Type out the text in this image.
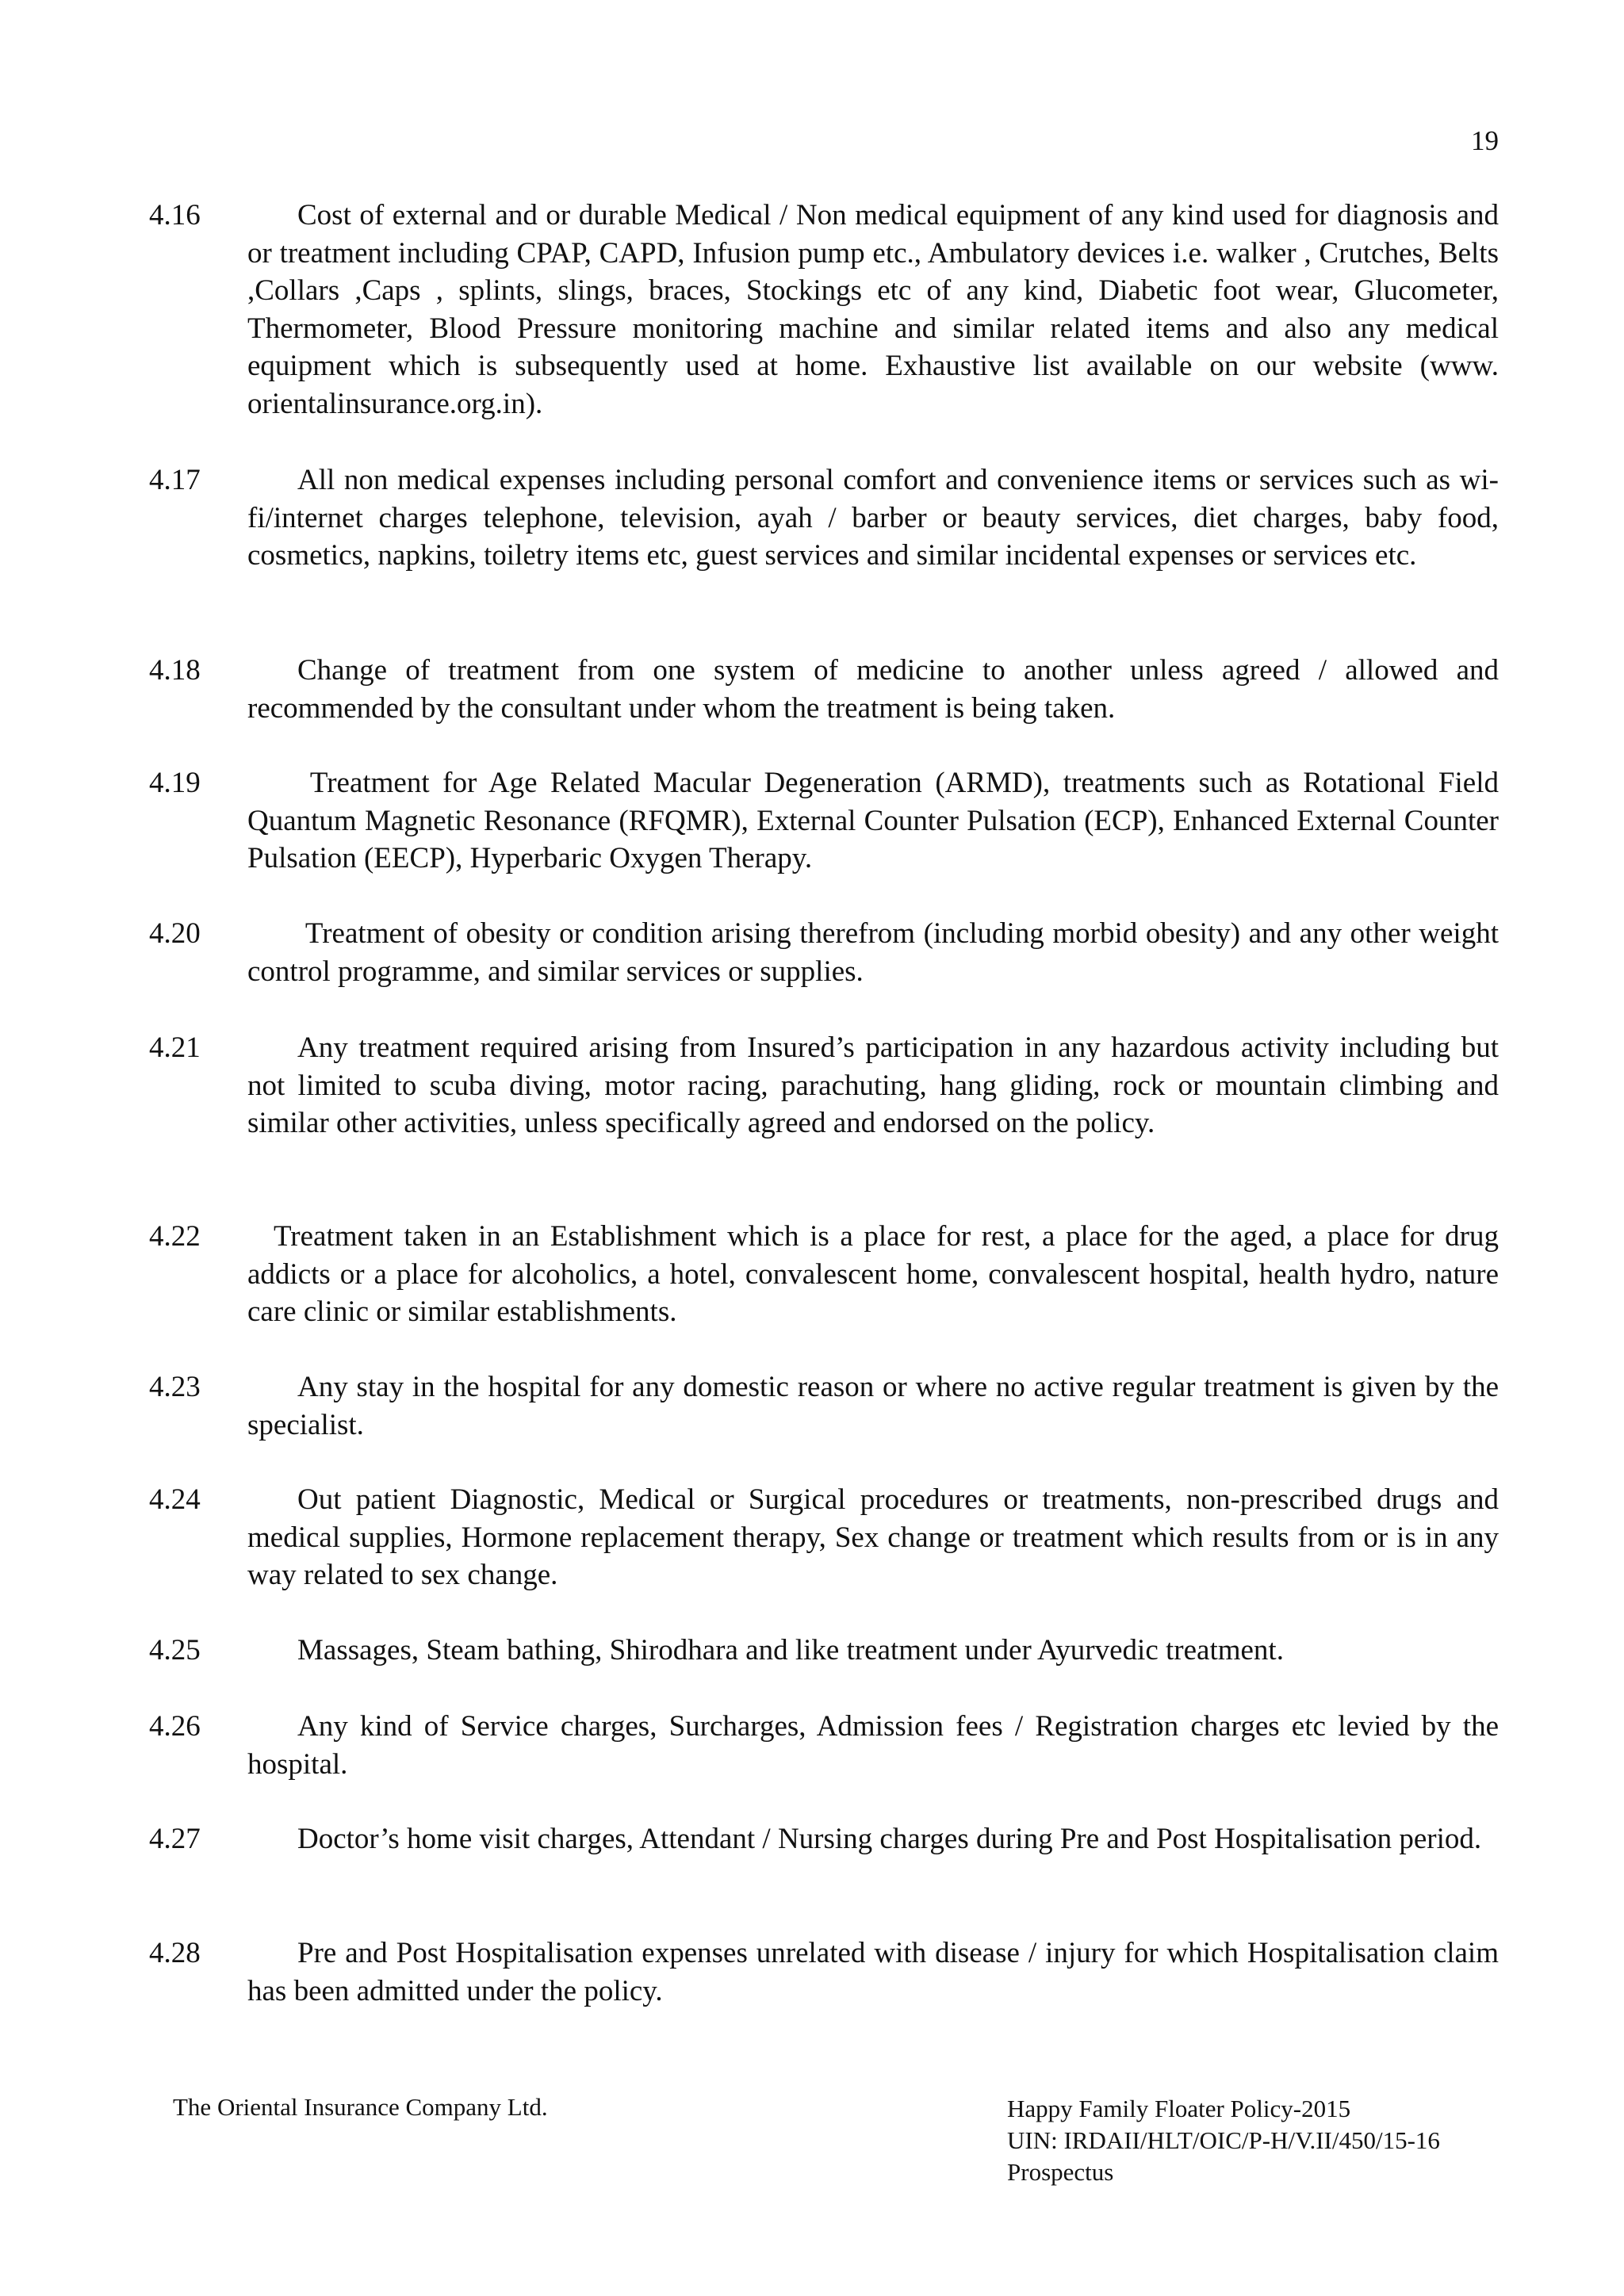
19

4.16	Cost of external and or durable Medical / Non medical equipment of any kind used for diagnosis and or treatment including CPAP, CAPD, Infusion pump etc., Ambulatory devices i.e. walker , Crutches, Belts ,Collars ,Caps , splints, slings, braces, Stockings etc of any kind, Diabetic foot wear, Glucometer, Thermometer, Blood Pressure monitoring machine and similar related items and also any medical equipment which is subsequently used at home. Exhaustive list available on our website (www. orientalinsurance.org.in).

4.17	All non medical expenses including personal comfort and convenience items or services such as wi-fi/internet charges telephone, television, ayah / barber or beauty services, diet charges, baby food, cosmetics, napkins, toiletry items etc, guest services and similar incidental expenses or services etc.

4.18	Change of treatment from one system of medicine to another unless agreed / allowed and recommended by the consultant under whom the treatment is being taken.

4.19	Treatment for Age Related Macular Degeneration (ARMD), treatments such as Rotational Field Quantum Magnetic Resonance (RFQMR), External Counter Pulsation (ECP), Enhanced External Counter Pulsation (EECP), Hyperbaric Oxygen Therapy.

4.20	Treatment of obesity or condition arising therefrom (including morbid obesity) and any other weight control programme, and similar services or supplies.

4.21	Any treatment required arising from Insured’s participation in any hazardous activity including but not limited to scuba diving, motor racing, parachuting, hang gliding, rock or mountain climbing and similar other activities, unless specifically agreed and endorsed on the policy.

4.22 Treatment taken in an Establishment which is a place for rest, a place for the aged, a place for drug addicts or a place for alcoholics, a hotel, convalescent home, convalescent hospital, health hydro, nature care clinic or similar establishments.

4.23	Any stay in the hospital for any domestic reason or where no active regular treatment is given by the specialist.

4.24	Out patient Diagnostic, Medical or Surgical procedures or treatments, non-prescribed drugs and medical supplies, Hormone replacement therapy, Sex change or treatment which results from or is in any way related to sex change.

4.25	Massages, Steam bathing, Shirodhara and like treatment under Ayurvedic treatment.

4.26	Any kind of Service charges, Surcharges, Admission fees / Registration charges etc levied by the hospital.

4.27	Doctor’s home visit charges, Attendant / Nursing charges during Pre and Post Hospitalisation period.

4.28	Pre and Post Hospitalisation expenses unrelated with disease / injury for which Hospitalisation claim has been admitted under the policy.

The Oriental Insurance Company Ltd.	Happy Family Floater Policy-2015
UIN: IRDAII/HLT/OIC/P-H/V.II/450/15-16
Prospectus
